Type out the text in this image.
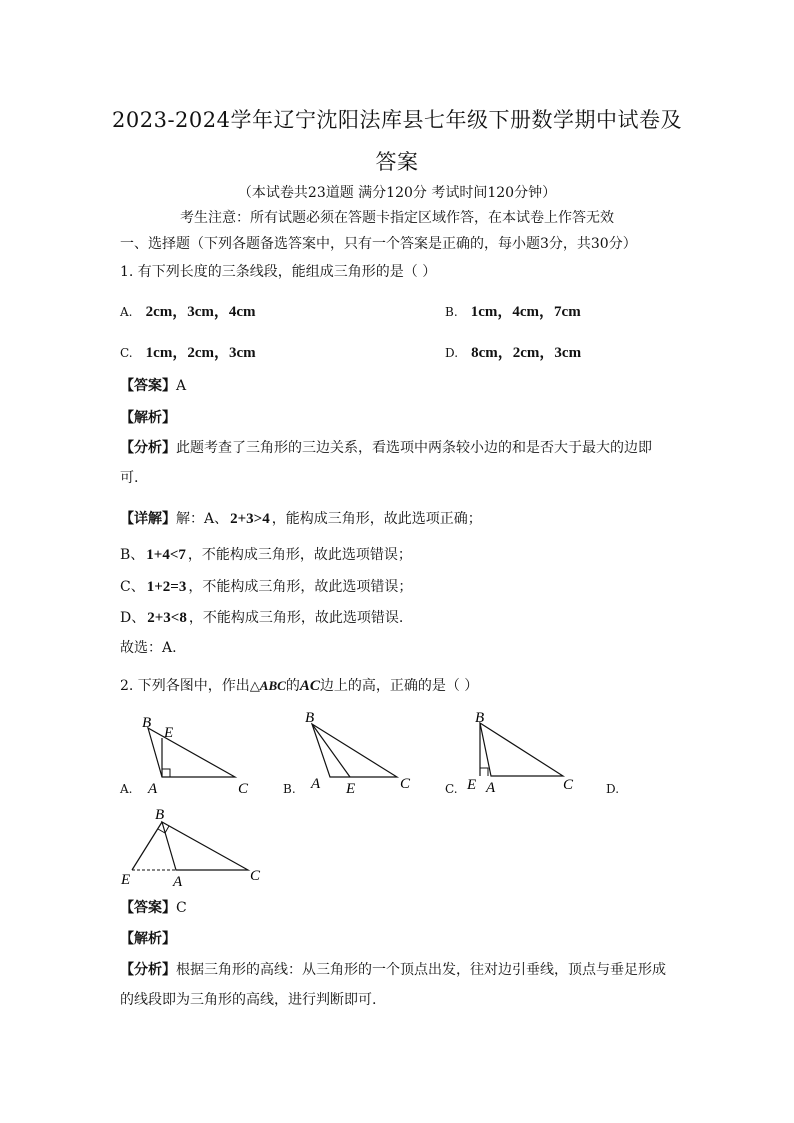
2023-2024学年辽宁沈阳法库县七年级下册数学期中试卷及
答案
（本试卷共23道题 满分120分 考试时间120分钟）
考生注意：所有试题必须在答题卡指定区域作答，在本试卷上作答无效
一、选择题（下列各题备选答案中，只有一个答案是正确的，每小题3分，共30分）
1. 有下列长度的三条线段，能组成三角形的是（ ）
A. 2cm，3cm，4cm	B. 1cm，4cm，7cm
C. 1cm，2cm，3cm	D. 8cm，2cm，3cm
【答案】A
【解析】
【分析】此题考查了三角形的三边关系，看选项中两条较小边的和是否大于最大的边即
可.
【详解】解：A、 2+3>4 ，能构成三角形，故此选项正确；
B、 1+4<7 ，不能构成三角形，故此选项错误；
C、 1+2=3 ，不能构成三角形，故此选项错误；
D、 2+3<8 ，不能构成三角形，故此选项错误.
故选：A.
2. 下列各图中，作出△ABC的AC边上的高，正确的是（ ）
B
E
A	C
A.
B
A E	C
B.
B
E A	C
C.	D.
B
E	A	C
【答案】C
【解析】
【分析】根据三角形的高线：从三角形的一个顶点出发，往对边引垂线，顶点与垂足形成
的线段即为三角形的高线，进行判断即可.
